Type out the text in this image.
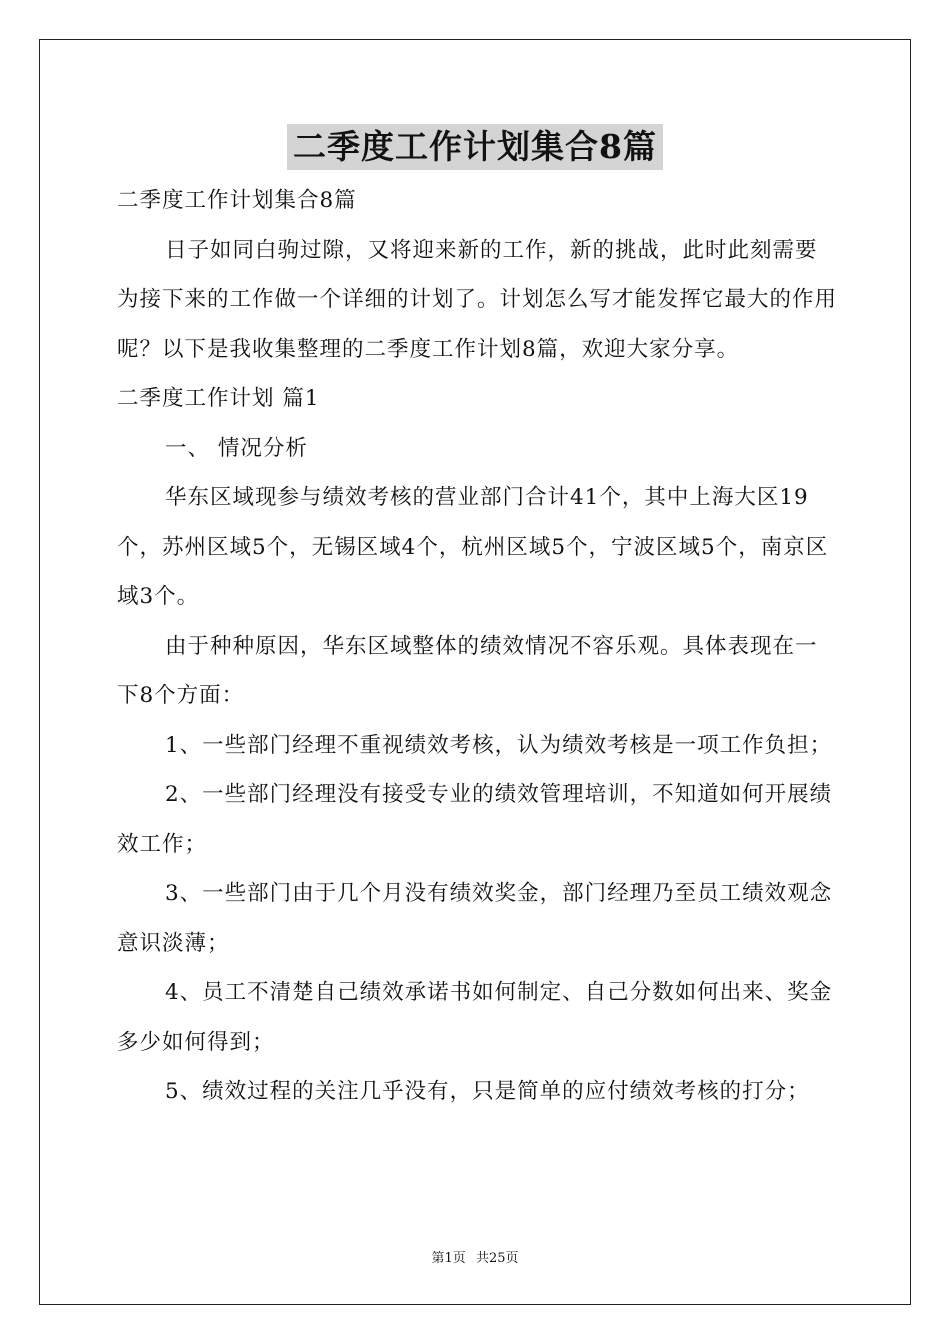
二季度工作计划集合8篇

二季度工作计划集合8篇

日子如同白驹过隙，又将迎来新的工作，新的挑战，此时此刻需要为接下来的工作做一个详细的计划了。计划怎么写才能发挥它最大的作用呢？以下是我收集整理的二季度工作计划8篇，欢迎大家分享。

二季度工作计划 篇1

一、 情况分析

华东区域现参与绩效考核的营业部门合计41个，其中上海大区19个，苏州区域5个，无锡区域4个，杭州区域5个，宁波区域5个，南京区域3个。

由于种种原因，华东区域整体的绩效情况不容乐观。具体表现在一下8个方面：

1、一些部门经理不重视绩效考核，认为绩效考核是一项工作负担；

2、一些部门经理没有接受专业的绩效管理培训，不知道如何开展绩效工作；

3、一些部门由于几个月没有绩效奖金，部门经理乃至员工绩效观念意识淡薄；

4、员工不清楚自己绩效承诺书如何制定、自己分数如何出来、奖金多少如何得到；

5、绩效过程的关注几乎没有，只是简单的应付绩效考核的打分；

第1页 共25页
